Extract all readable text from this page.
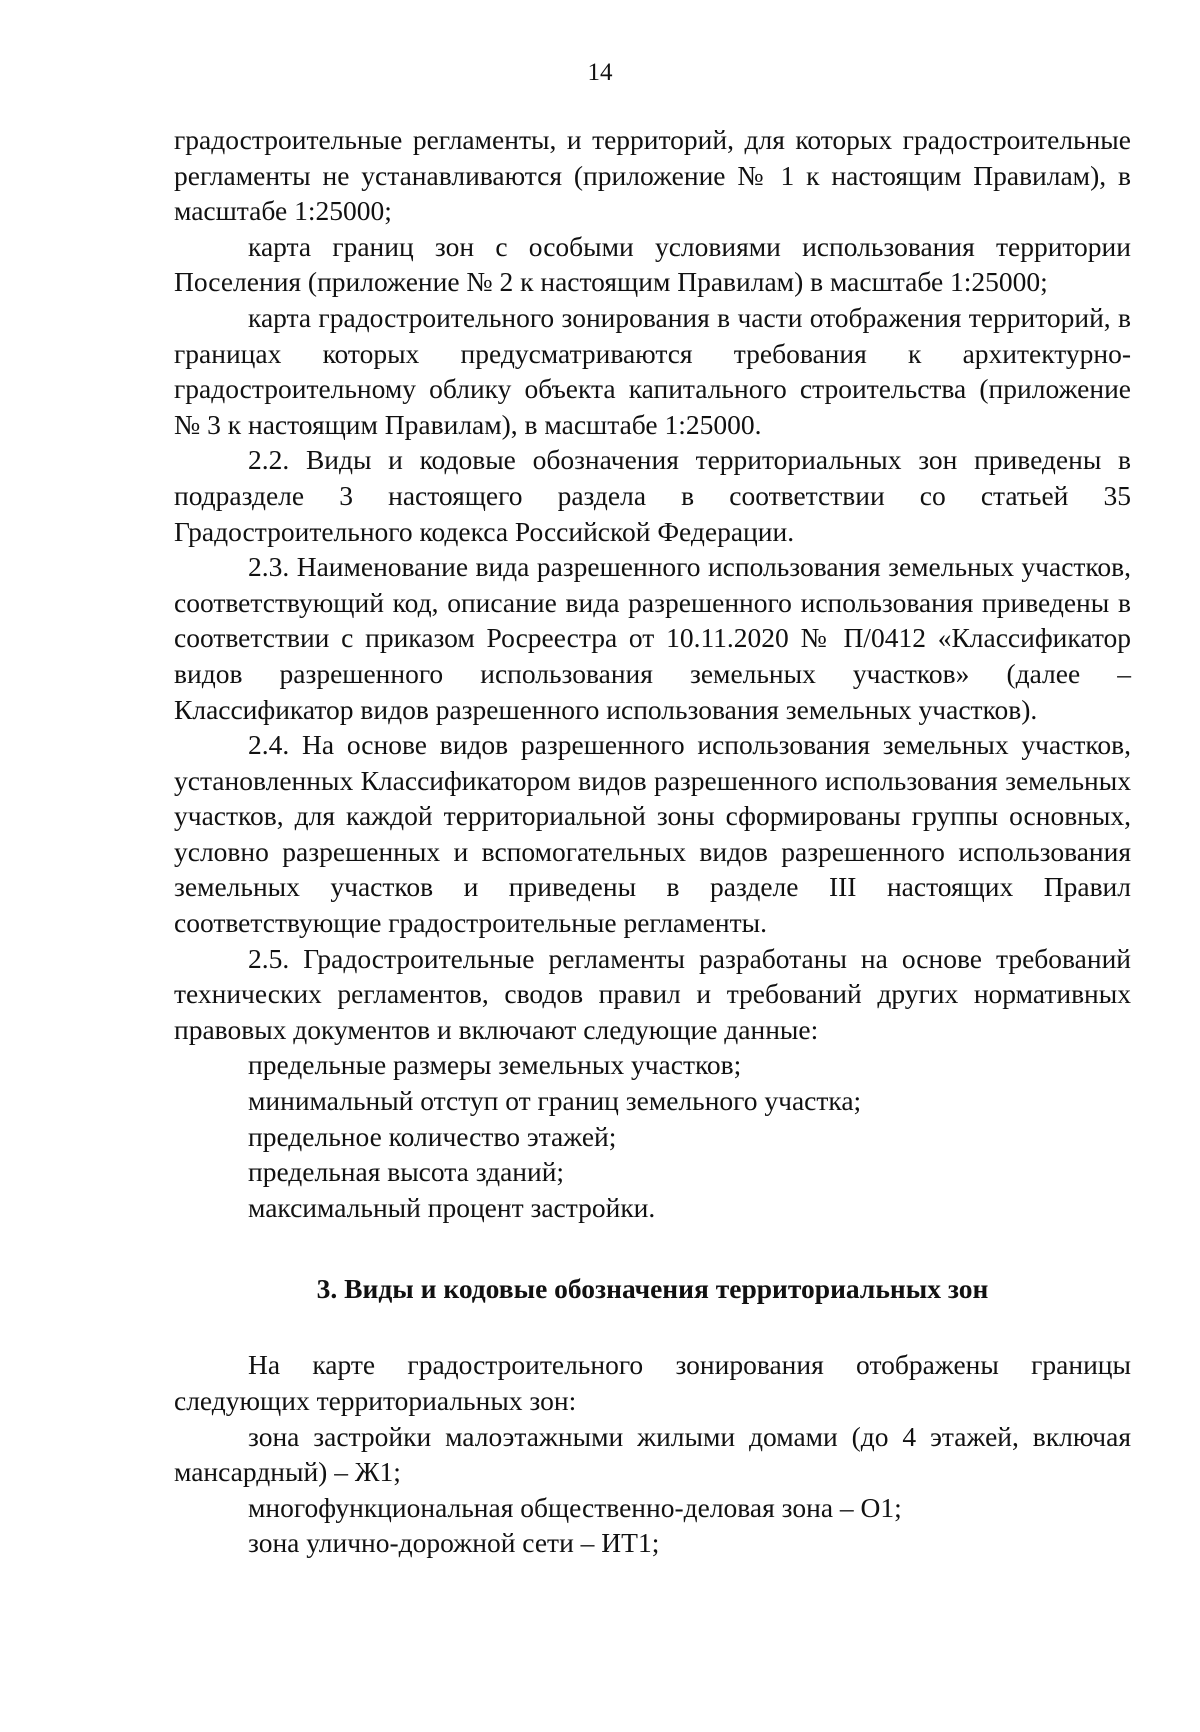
14

градостроительные регламенты, и территорий, для которых градостроительные регламенты не устанавливаются (приложение № 1 к настоящим Правилам), в масштабе 1:25000;

карта границ зон с особыми условиями использования территории Поселения (приложение № 2 к настоящим Правилам) в масштабе 1:25000;

карта градостроительного зонирования в части отображения территорий, в границах которых предусматриваются требования к архитектурно-градостроительному облику объекта капитального строительства (приложение № 3 к настоящим Правилам), в масштабе 1:25000.

2.2. Виды и кодовые обозначения территориальных зон приведены в подразделе 3 настоящего раздела в соответствии со статьей 35 Градостроительного кодекса Российской Федерации.

2.3. Наименование вида разрешенного использования земельных участков, соответствующий код, описание вида разрешенного использования приведены в соответствии с приказом Росреестра от 10.11.2020 № П/0412 «Классификатор видов разрешенного использования земельных участков» (далее – Классификатор видов разрешенного использования земельных участков).

2.4. На основе видов разрешенного использования земельных участков, установленных Классификатором видов разрешенного использования земельных участков, для каждой территориальной зоны сформированы группы основных, условно разрешенных и вспомогательных видов разрешенного использования земельных участков и приведены в разделе III настоящих Правил соответствующие градостроительные регламенты.

2.5. Градостроительные регламенты разработаны на основе требований технических регламентов, сводов правил и требований других нормативных правовых документов и включают следующие данные:

предельные размеры земельных участков;

минимальный отступ от границ земельного участка;

предельное количество этажей;

предельная высота зданий;

максимальный процент застройки.

3. Виды и кодовые обозначения территориальных зон

На карте градостроительного зонирования отображены границы следующих территориальных зон:

зона застройки малоэтажными жилыми домами (до 4 этажей, включая мансардный) – Ж1;

многофункциональная общественно-деловая зона – О1;

зона улично-дорожной сети – ИТ1;
